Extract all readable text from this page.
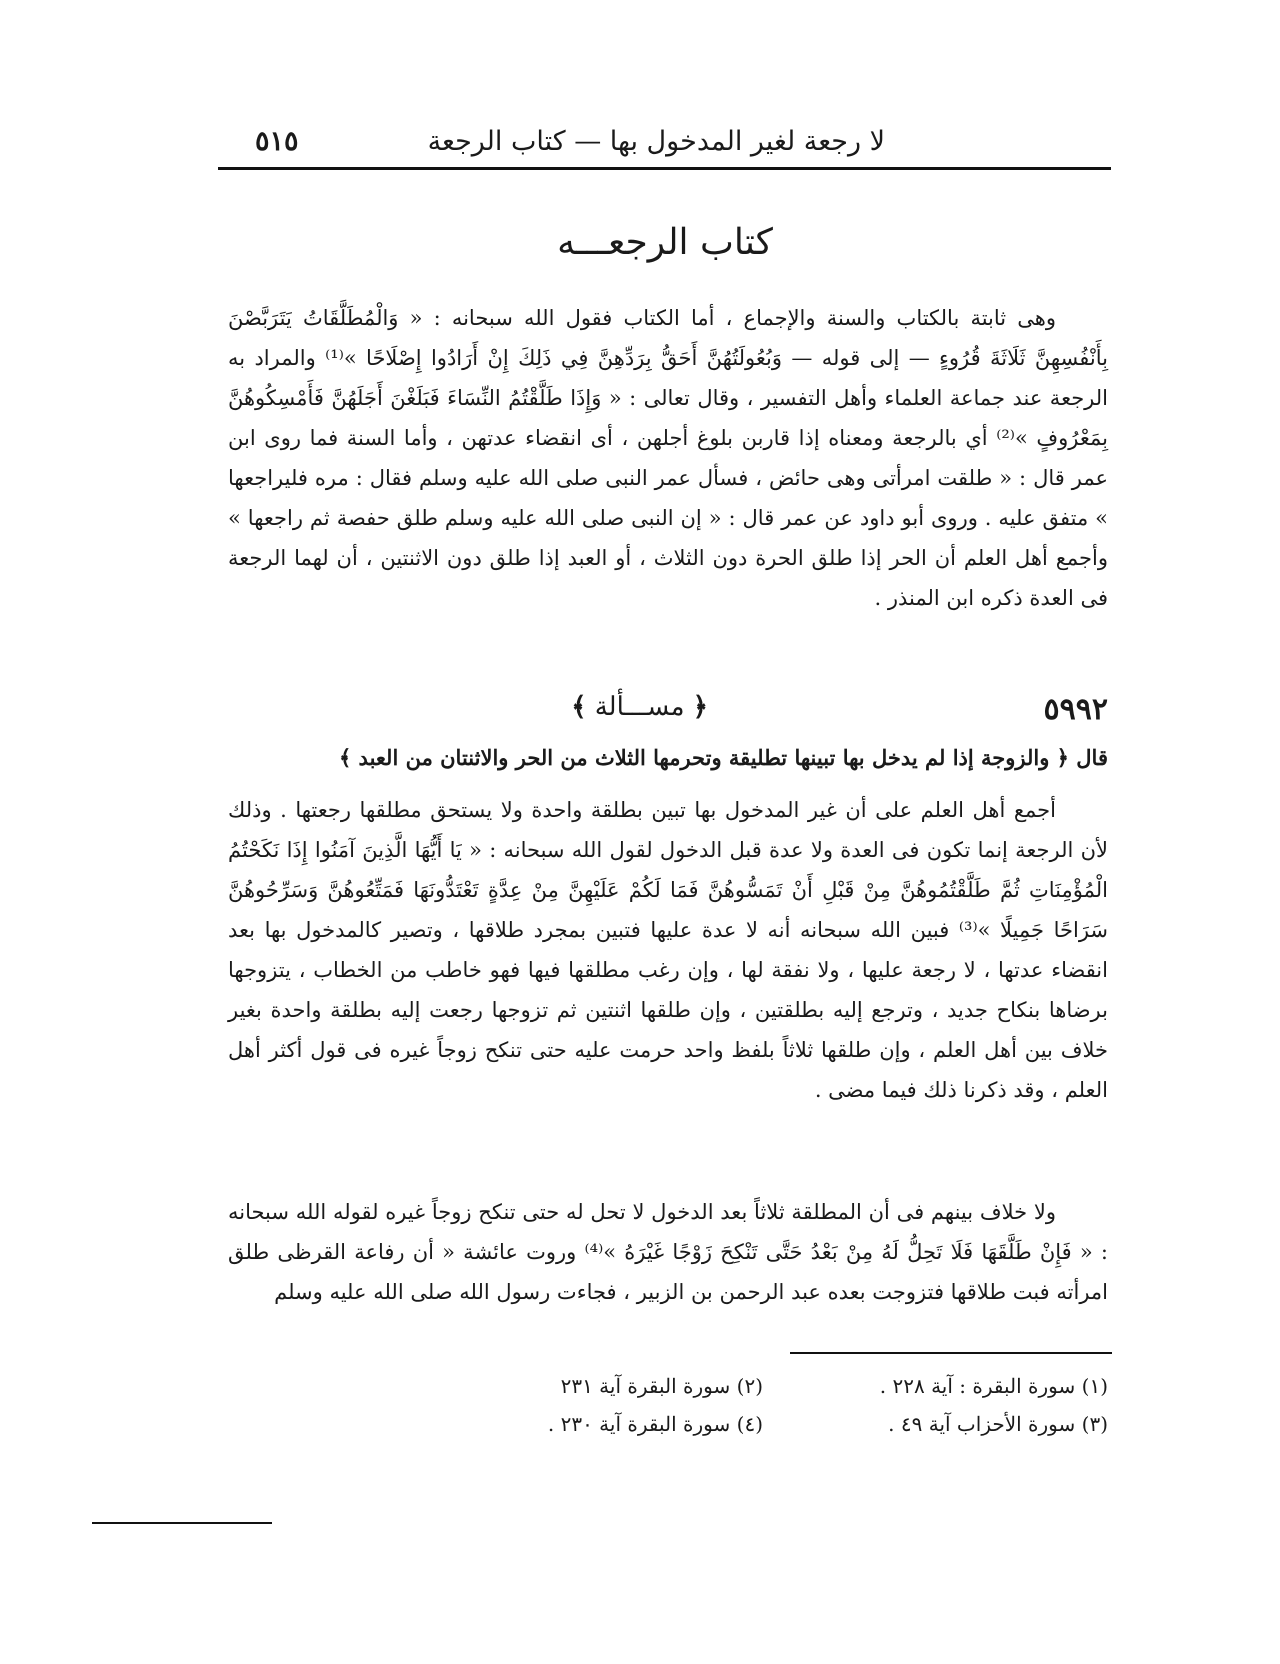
لا رجعة لغير المدخول بها — كتاب الرجعة
٥١٥
كتاب الرجعـــه

وهى ثابتة بالكتاب والسنة والإجماع ، أما الكتاب فقول الله سبحانه : « وَالْمُطَلَّقَاتُ يَتَرَبَّصْنَ بِأَنْفُسِهِنَّ ثَلَاثَةَ قُرُوءٍ — إلى قوله — وَبُعُولَتُهُنَّ أَحَقُّ بِرَدِّهِنَّ فِي ذَلِكَ إِنْ أَرَادُوا إِصْلَاحًا »⁽¹⁾ والمراد به الرجعة عند جماعة العلماء وأهل التفسير ، وقال تعالى : « وَإِذَا طَلَّقْتُمُ النِّسَاءَ فَبَلَغْنَ أَجَلَهُنَّ فَأَمْسِكُوهُنَّ بِمَعْرُوفٍ »⁽²⁾ أي بالرجعة ومعناه إذا قاربن بلوغ أجلهن ، أى انقضاء عدتهن ، وأما السنة فما روى ابن عمر قال : « طلقت امرأتى وهى حائض ، فسأل عمر النبى صلى الله عليه وسلم فقال : مره فليراجعها » متفق عليه . وروى أبو داود عن عمر قال : « إن النبى صلى الله عليه وسلم طلق حفصة ثم راجعها » وأجمع أهل العلم أن الحر إذا طلق الحرة دون الثلاث ، أو العبد إذا طلق دون الاثنتين ، أن لهما الرجعة فى العدة ذكره ابن المنذر .

٥٩٩٢
﴿ مســـألة ﴾
قال ﴿ والزوجة إذا لم يدخل بها تبينها تطليقة وتحرمها الثلاث من الحر والاثنتان من العبد ﴾

أجمع أهل العلم على أن غير المدخول بها تبين بطلقة واحدة ولا يستحق مطلقها رجعتها . وذلك لأن الرجعة إنما تكون فى العدة ولا عدة قبل الدخول لقول الله سبحانه : « يَا أَيُّهَا الَّذِينَ آمَنُوا إِذَا نَكَحْتُمُ الْمُؤْمِنَاتِ ثُمَّ طَلَّقْتُمُوهُنَّ مِنْ قَبْلِ أَنْ تَمَسُّوهُنَّ فَمَا لَكُمْ عَلَيْهِنَّ مِنْ عِدَّةٍ تَعْتَدُّونَهَا فَمَتِّعُوهُنَّ وَسَرِّحُوهُنَّ سَرَاحًا جَمِيلًا »⁽³⁾ فبين الله سبحانه أنه لا عدة عليها فتبين بمجرد طلاقها ، وتصير كالمدخول بها بعد انقضاء عدتها ، لا رجعة عليها ، ولا نفقة لها ، وإن رغب مطلقها فيها فهو خاطب من الخطاب ، يتزوجها برضاها بنكاح جديد ، وترجع إليه بطلقتين ، وإن طلقها اثنتين ثم تزوجها رجعت إليه بطلقة واحدة بغير خلاف بين أهل العلم ، وإن طلقها ثلاثاً بلفظ واحد حرمت عليه حتى تنكح زوجاً غيره فى قول أكثر أهل العلم ، وقد ذكرنا ذلك فيما مضى .

ولا خلاف بينهم فى أن المطلقة ثلاثاً بعد الدخول لا تحل له حتى تنكح زوجاً غيره لقوله الله سبحانه : « فَإِنْ طَلَّقَهَا فَلَا تَحِلُّ لَهُ مِنْ بَعْدُ حَتَّى تَنْكِحَ زَوْجًا غَيْرَهُ »⁽⁴⁾ وروت عائشة « أن رفاعة القرظى طلق امرأته فبت طلاقها فتزوجت بعده عبد الرحمن بن الزبير ، فجاءت رسول الله صلى الله عليه وسلم

(١) سورة البقرة : آية ٢٢٨ .
(٢) سورة البقرة آية ٢٣١
(٣) سورة الأحزاب آية ٤٩ .
(٤) سورة البقرة آية ٢٣٠ .
